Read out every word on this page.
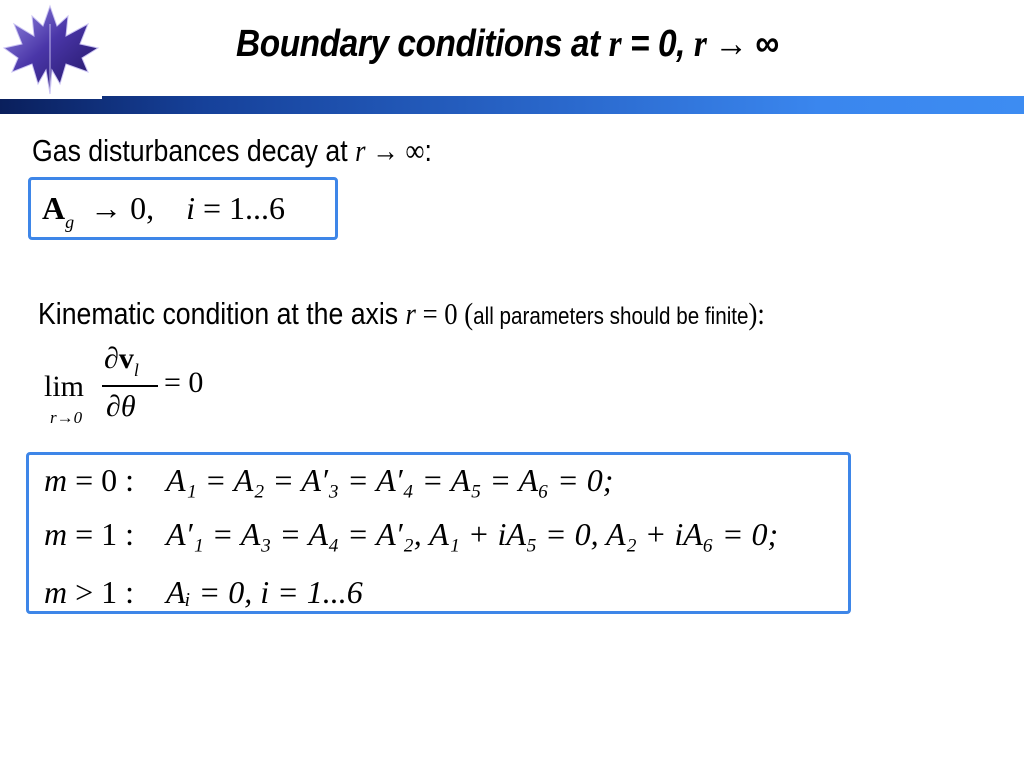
Boundary conditions at r = 0, r → ∞
Gas disturbances decay at r → ∞:
$A_g \to 0$, i = 1...6
Kinematic condition at the axis r = 0 (all parameters should be finite):
lim
r→0
$\partial v_l$
∂θ
= 0
m = 0 : A₁ = A₂ = A′₃ = A′₄ = A₅ = A₆ = 0;
m = 1 : A′₁ = A₃ = A₄ = A′₂, A₁ + iA₅ = 0, A₂ + iA₆ = 0;
m > 1 : Aᵢ = 0, i = 1...6
